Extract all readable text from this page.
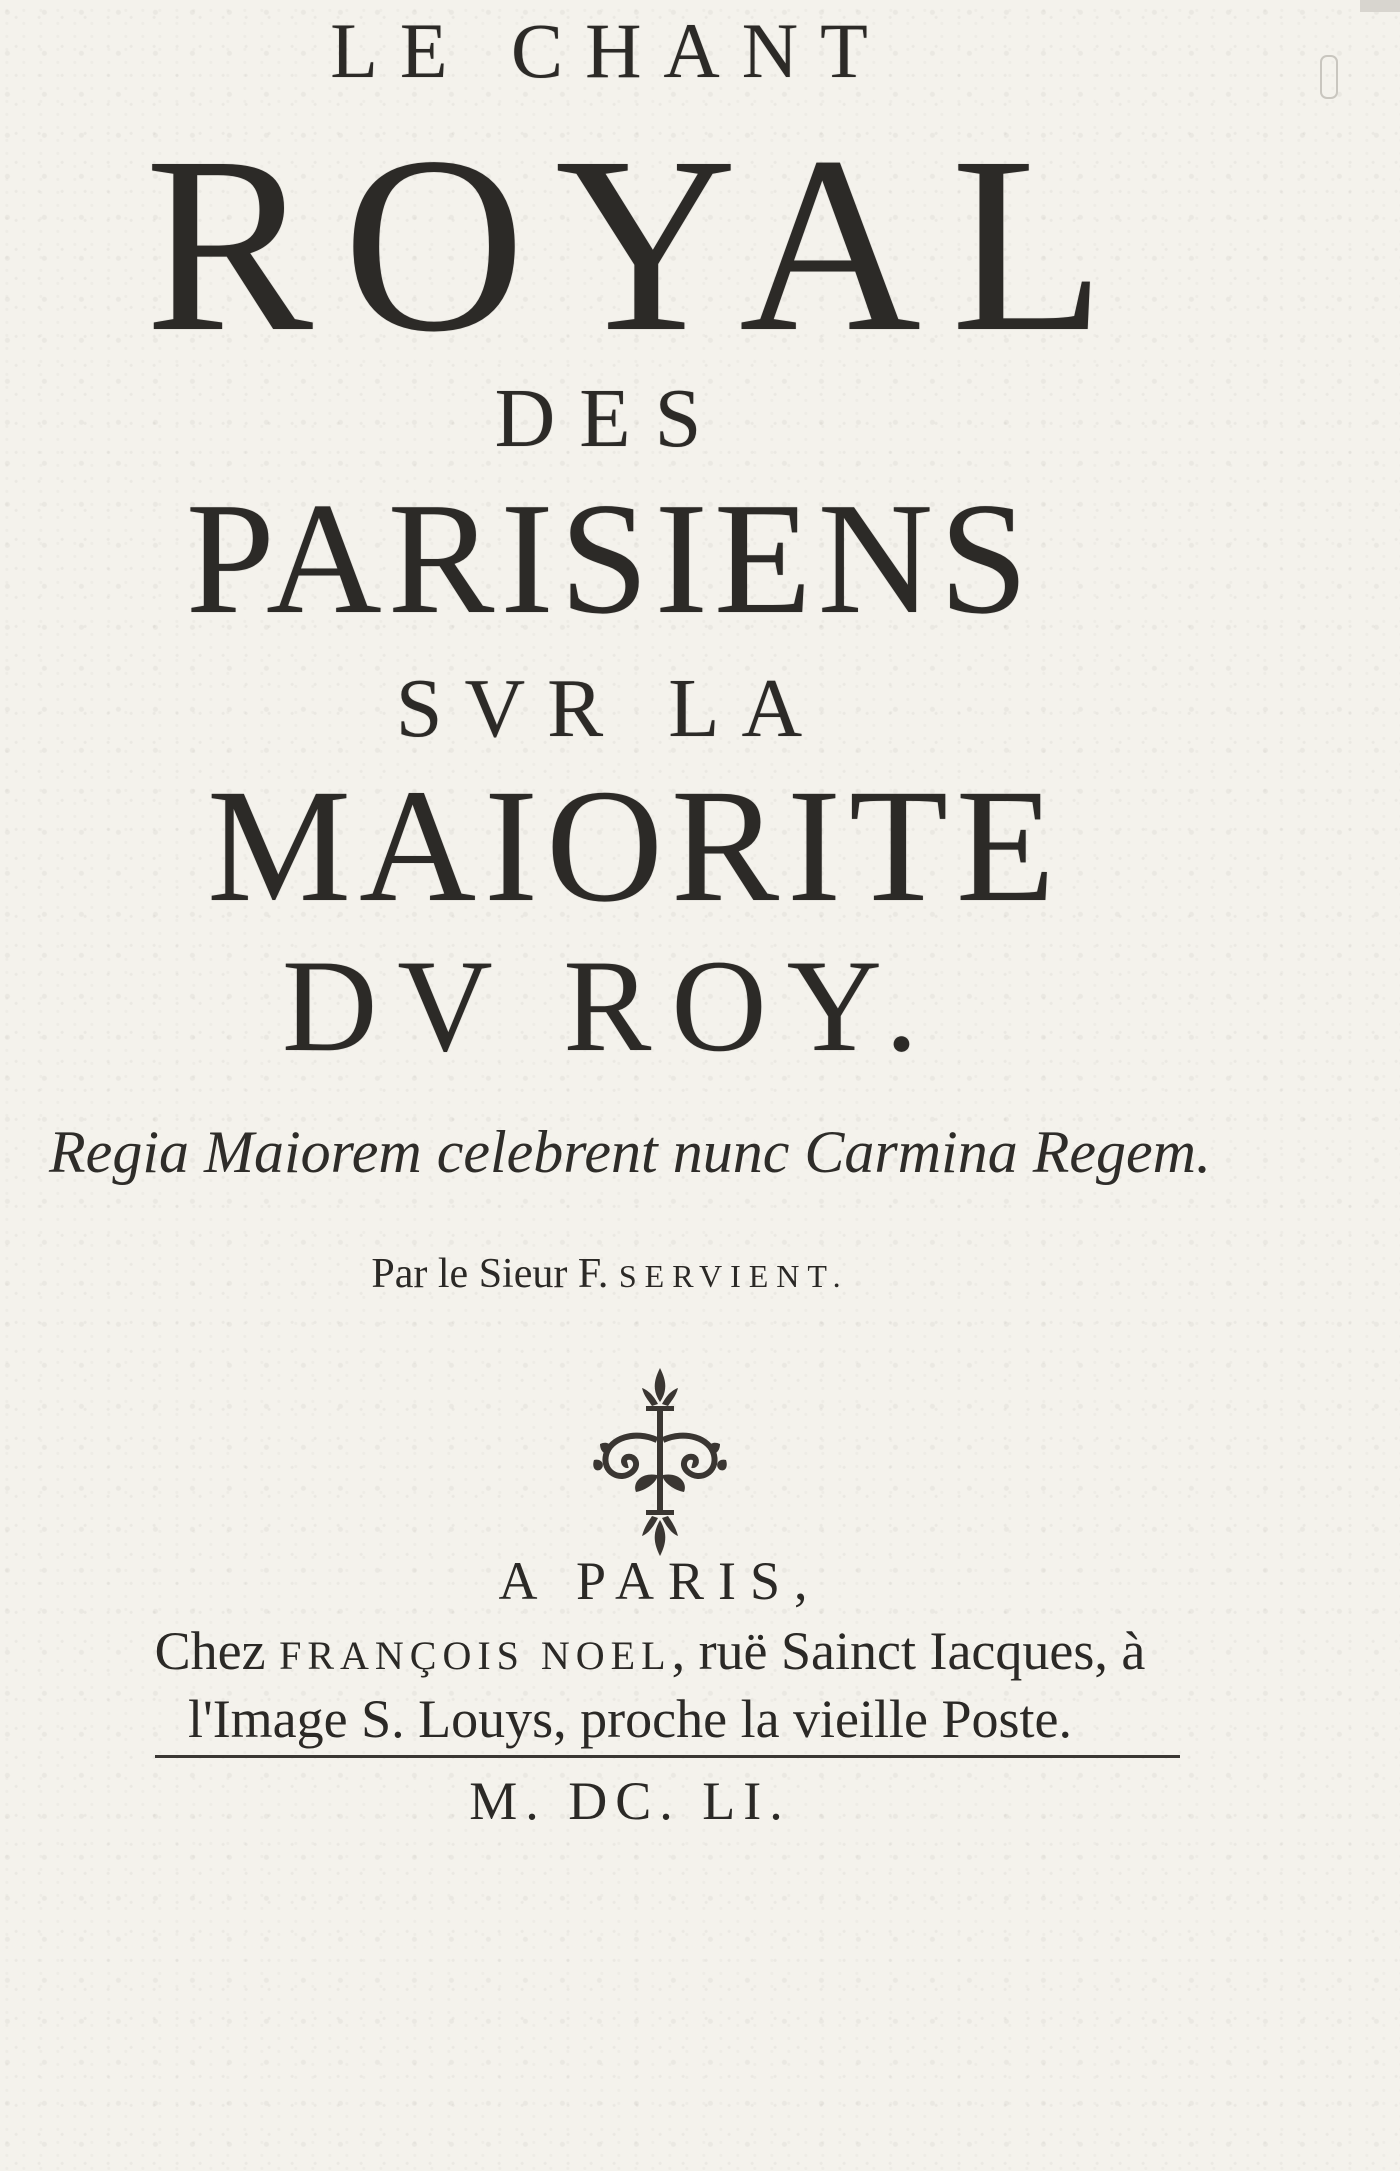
LE CHANT
ROYAL
DES
PARISIENS
SVR LA
MAIORITE
DV ROY.
Regia Maiorem celebrent nunc Carmina Regem.
Par le Sieur F. SERVIENT.
A PARIS,
Chez FRANÇOIS NOEL, ruë Sainct Iacques, à
l'Image S. Louys, proche la vieille Poste.
M. DC. LI.
